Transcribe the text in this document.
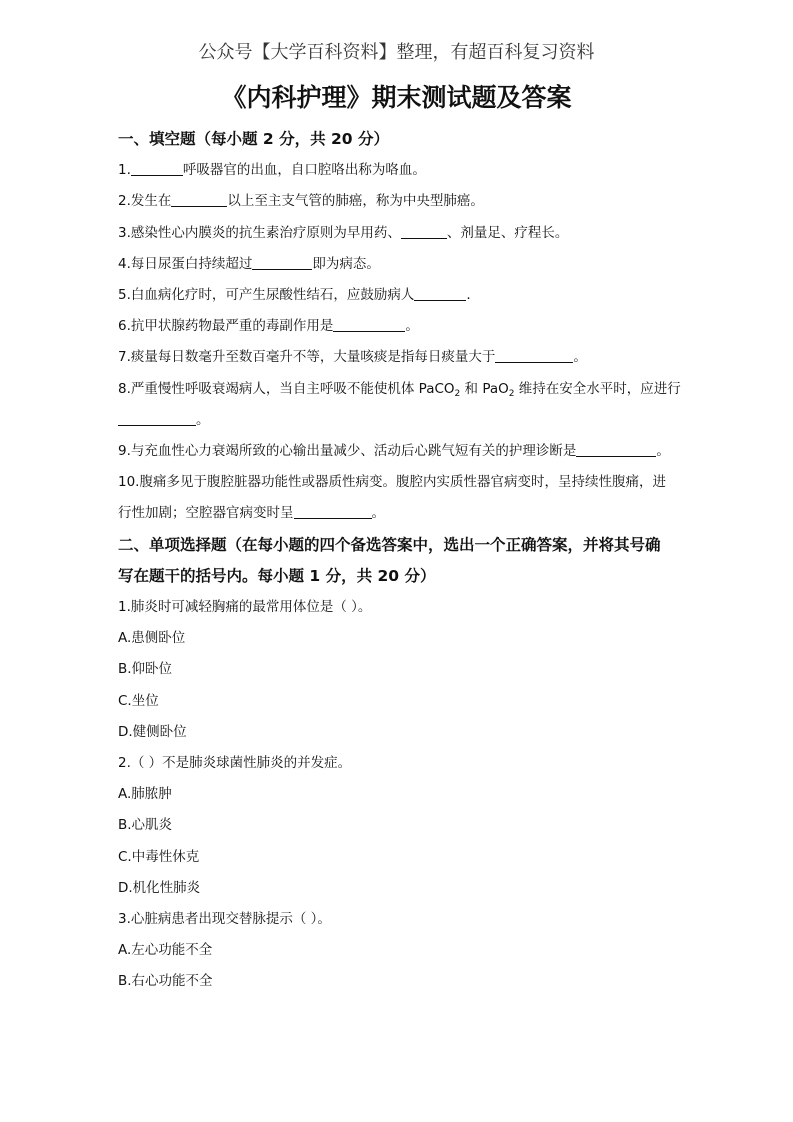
公众号【大学百科资料】整理，有超百科复习资料
《内科护理》期末测试题及答案
一、填空题（每小题 2 分，共 20 分）
1.	呼吸器官的出血，自口腔咯出称为咯血。
2.发生在	以上至主支气管的肺癌，称为中央型肺癌。
3.感染性心内膜炎的抗生素治疗原则为早用药、	、剂量足、疗程长。
4.每日尿蛋白持续超过	即为病态。
5.白血病化疗时，可产生尿酸性结石，应鼓励病人	.
6.抗甲状腺药物最严重的毒副作用是	。
7.痰量每日数毫升至数百毫升不等，大量咳痰是指每日痰量大于	。
8.严重慢性呼吸衰竭病人，当自主呼吸不能使机体 PaCO$_2$ 和 PaO$_2$ 维持在安全水平时，应进行
。
9.与充血性心力衰竭所致的心输出量减少、活动后心跳气短有关的护理诊断是	。
10.腹痛多见于腹腔脏器功能性或器质性病变。腹腔内实质性器官病变时，呈持续性腹痛，进
行性加剧；空腔器官病变时呈	。
二、单项选择题（在每小题的四个备选答案中，选出一个正确答案，并将其号确
写在题干的括号内。每小题 1 分，共 20 分）
1.肺炎时可减轻胸痛的最常用体位是（ ）。
A.患侧卧位
B.仰卧位
C.坐位
D.健侧卧位
2.（ ）不是肺炎球菌性肺炎的并发症。
A.肺脓肿
B.心肌炎
C.中毒性休克
D.机化性肺炎
3.心脏病患者出现交替脉提示（ ）。
A.左心功能不全
B.右心功能不全
